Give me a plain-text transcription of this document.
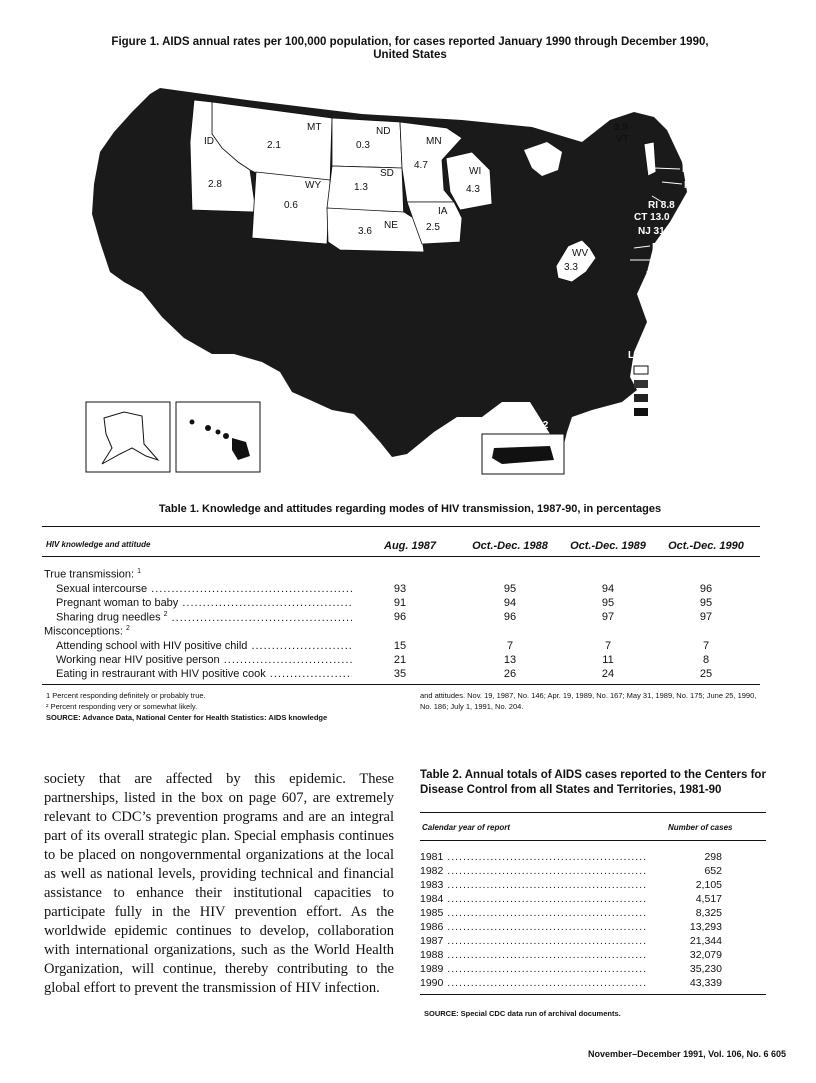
Figure 1. AIDS annual rates per 100,000 population, for cases reported January 1990 through December 1990,
United States
MT
2.1
ID
2.8	WY
0.6
ND
0.3
SD
1.3
NE
3.6
MN
4.7
IA
2.5
WI
4.3
WV
3.3
3.9
VT
NH 5.9
MA 14.2
RI 8.8
CT 13.0
NJ 31.5
DE 13.9
MD 21.2
DC 121.1
Legend
0–4.9
5.0–9.9
10.0–14.9
≤ 15.0
Alaska 4.5	Hawaii 13.8
Puerto Rico 52.2
Table 1. Knowledge and attitudes regarding modes of HIV transmission, 1987-90, in percentages
HIV knowledge and attitude	Aug. 1987	Oct.-Dec. 1988 Oct.-Dec. 1989 Oct.-Dec. 1990
True transmission: $^1$
Sexual intercourse .....	93	95	94	96
Pregnant woman to baby .....	91	94	95	95
Sharing drug needles $^2$ .....	96	96	97	97
Misconceptions: $^2$
Attending school with HIV positive child .....	15	7	7	7
Working near HIV positive person .....	21	13	11	8
Eating in restraurant with HIV positive cook .....	35	26	24	25
1 Percent responding definitely or probably true.
² Percent responding very or somewhat likely.
SOURCE: Advance Data, National Center for Health Statistics: AIDS knowledge
and attitudes. Nov. 19, 1987, No. 146; Apr. 19, 1989, No. 167; May 31, 1989, No. 175; June 25, 1990, No. 186; July 1, 1991, No. 204.
society that are affected by this epidemic. These partnerships, listed in the box on page 607, are extremely relevant to CDC’s prevention programs and are an integral part of its overall strategic plan. Special emphasis continues to be placed on nongovernmental organizations at the local as well as national levels, providing technical and financial assistance to enhance their institutional capacities to participate fully in the HIV prevention effort. As the worldwide epidemic continues to develop, collaboration with international organizations, such as the World Health Organization, will continue, thereby contributing to the global effort to prevent the transmission of HIV infection.
Table 2. Annual totals of AIDS cases reported to the Centers for Disease Control from all States and Territories, 1981-90
Calendar year of report	Number of cases
1981 .....	298
1982 .....	652
1983 .....	2,105
1984 .....	4,517
1985 .....	8,325
1986 .....	13,293
1987 .....	21,344
1988 .....	32,079
1989 .....	35,230
1990 .....	43,339
SOURCE: Special CDC data run of archival documents.
November–December 1991, Vol. 106, No. 6 605
